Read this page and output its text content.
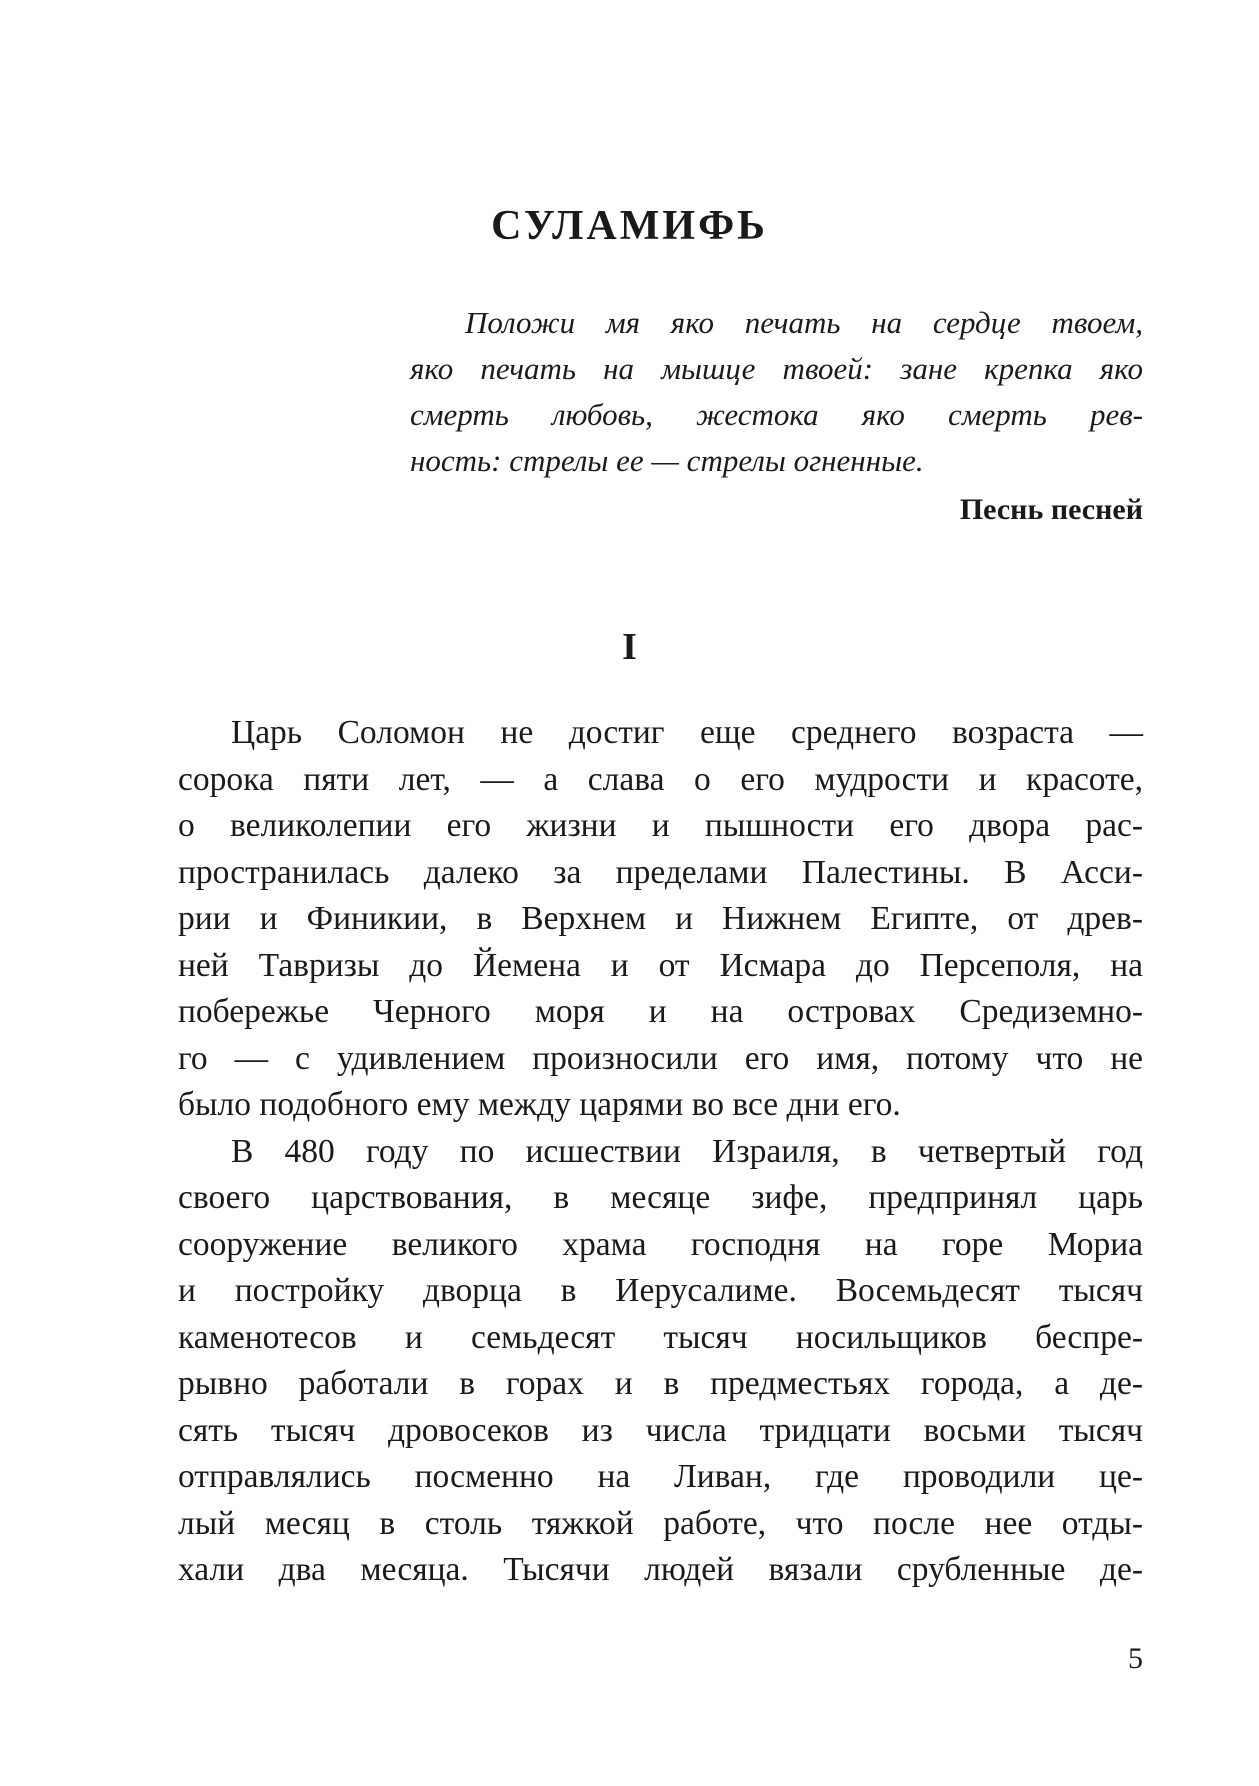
СУЛАМИФЬ
Положи мя яко печать на сердце твоем,
яко печать на мышце твоей: зане крепка яко
смерть любовь, жестока яко смерть рев-
ность: стрелы ее — стрелы огненные.

Песнь песней

I
Царь Соломон не достиг еще среднего возраста —
сорока пяти лет, — а слава о его мудрости и красоте,
о великолепии его жизни и пышности его двора рас-
пространилась далеко за пределами Палестины. В Асси-
рии и Финикии, в Верхнем и Нижнем Египте, от древ-
ней Тавризы до Йемена и от Исмара до Персеполя, на
побережье Черного моря и на островах Средиземно-
го — с удивлением произносили его имя, потому что не
было подобного ему между царями во все дни его.
В 480 году по исшествии Израиля, в четвертый год
своего царствования, в месяце зифе, предпринял царь
сооружение великого храма господня на горе Мориа
и постройку дворца в Иерусалиме. Восемьдесят тысяч
каменотесов и семьдесят тысяч носильщиков беспре-
рывно работали в горах и в предместьях города, а де-
сять тысяч дровосеков из числа тридцати восьми тысяч
отправлялись посменно на Ливан, где проводили це-
лый месяц в столь тяжкой работе, что после нее отды-
хали два месяца. Тысячи людей вязали срубленные де-

5
